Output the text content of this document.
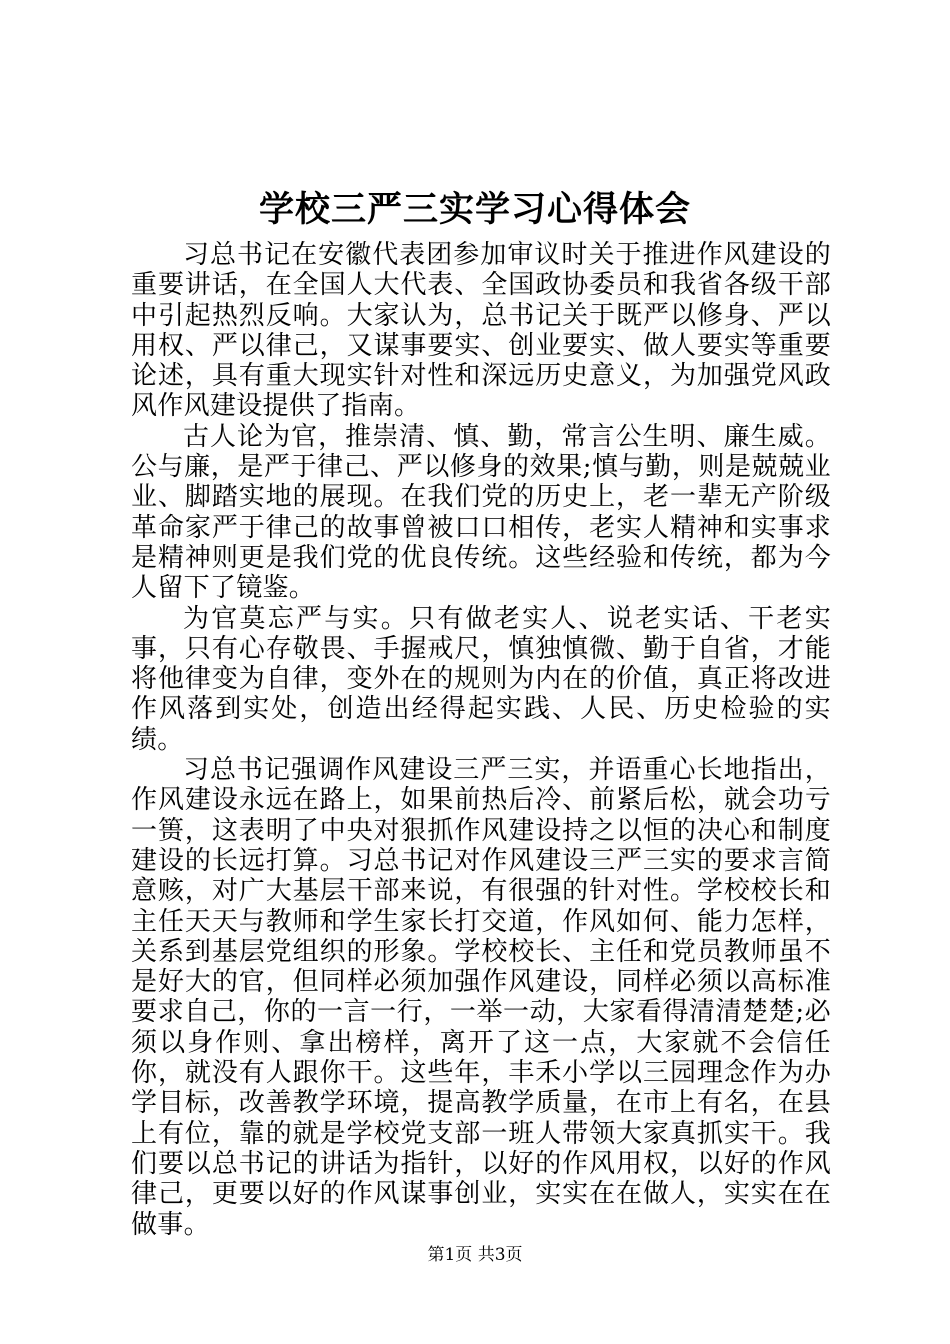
学校三严三实学习心得体会

习总书记在安徽代表团参加审议时关于推进作风建设的重要讲话，在全国人大代表、全国政协委员和我省各级干部中引起热烈反响。大家认为，总书记关于既严以修身、严以用权、严以律己，又谋事要实、创业要实、做人要实等重要论述，具有重大现实针对性和深远历史意义，为加强党风政风作风建设提供了指南。

古人论为官，推崇清、慎、勤，常言公生明、廉生威。公与廉，是严于律己、严以修身的效果;慎与勤，则是兢兢业业、脚踏实地的展现。在我们党的历史上，老一辈无产阶级革命家严于律己的故事曾被口口相传，老实人精神和实事求是精神则更是我们党的优良传统。这些经验和传统，都为今人留下了镜鉴。

为官莫忘严与实。只有做老实人、说老实话、干老实事，只有心存敬畏、手握戒尺，慎独慎微、勤于自省，才能将他律变为自律，变外在的规则为内在的价值，真正将改进作风落到实处，创造出经得起实践、人民、历史检验的实绩。

习总书记强调作风建设三严三实，并语重心长地指出，作风建设永远在路上，如果前热后冷、前紧后松，就会功亏一篑，这表明了中央对狠抓作风建设持之以恒的决心和制度建设的长远打算。习总书记对作风建设三严三实的要求言简意赅，对广大基层干部来说，有很强的针对性。学校校长和主任天天与教师和学生家长打交道，作风如何、能力怎样，关系到基层党组织的形象。学校校长、主任和党员教师虽不是好大的官，但同样必须加强作风建设，同样必须以高标准要求自己，你的一言一行，一举一动，大家看得清清楚楚;必须以身作则、拿出榜样，离开了这一点，大家就不会信任你，就没有人跟你干。这些年，丰禾小学以三园理念作为办学目标，改善教学环境，提高教学质量，在市上有名，在县上有位，靠的就是学校党支部一班人带领大家真抓实干。我们要以总书记的讲话为指针，以好的作风用权，以好的作风律己，更要以好的作风谋事创业，实实在在做人，实实在在做事。

第1页 共3页
